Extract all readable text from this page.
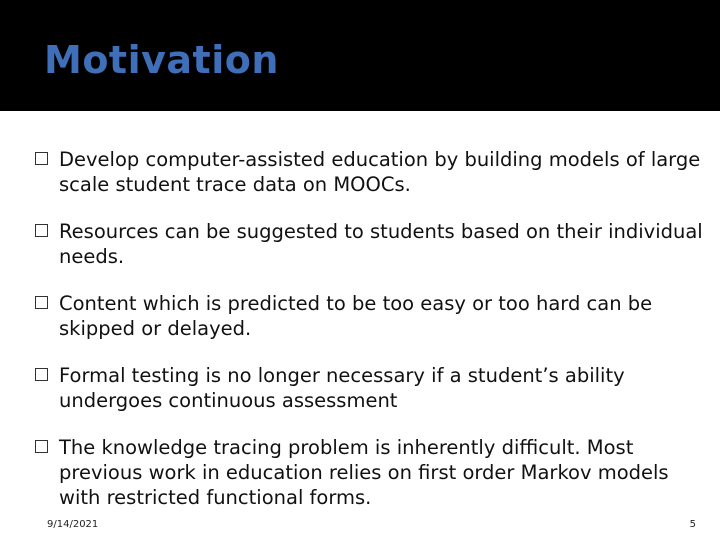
Motivation
Develop computer-assisted education by building models of large scale student trace data on MOOCs.
Resources can be suggested to students based on their individual needs.
Content which is predicted to be too easy or too hard can be skipped or delayed.
Formal testing is no longer necessary if a student’s ability undergoes continuous assessment
The knowledge tracing problem is inherently difficult. Most previous work in education relies on first order Markov models with restricted functional forms.
9/14/2021	5
